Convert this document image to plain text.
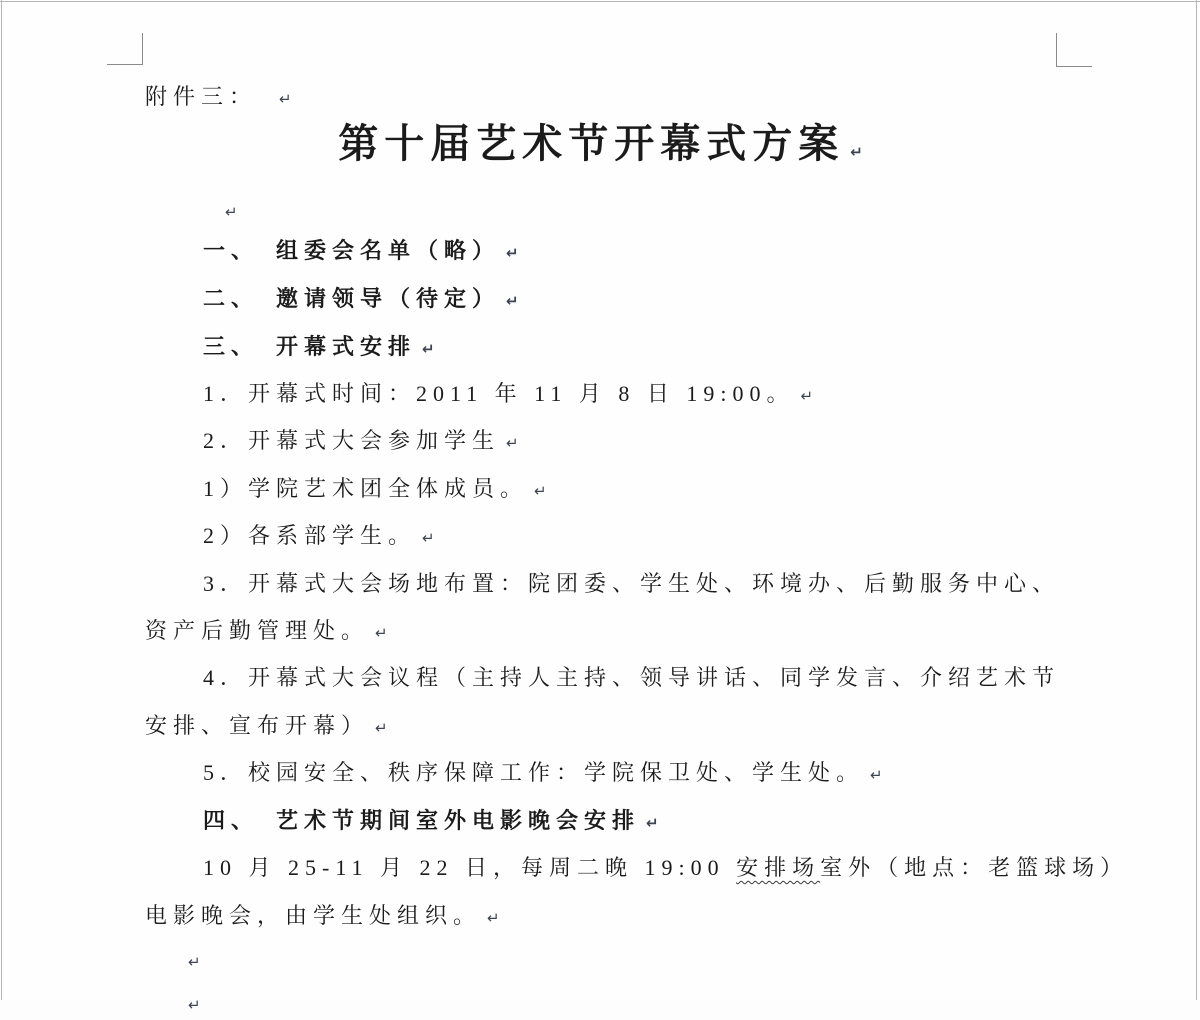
附件三： ↵
第十届艺术节开幕式方案 ↵
↵
一、　组委会名单（略） ↵
二、　邀请领导（待定） ↵
三、　开幕式安排 ↵
1．开幕式时间：2011 年 11 月 8 日 19:00。 ↵
2．开幕式大会参加学生 ↵
1）学院艺术团全体成员。 ↵
2）各系部学生。 ↵
3．开幕式大会场地布置：院团委、学生处、环境办、后勤服务中心、
资产后勤管理处。 ↵
4．开幕式大会议程（主持人主持、领导讲话、同学发言、介绍艺术节
安排、宣布开幕） ↵
5．校园安全、秩序保障工作：学院保卫处、学生处。 ↵
四、　艺术节期间室外电影晚会安排 ↵
10 月 25-11 月 22 日，每周二晚 19:00 安排场室外（地点：老篮球场）
电影晚会，由学生处组织。 ↵
↵
↵
